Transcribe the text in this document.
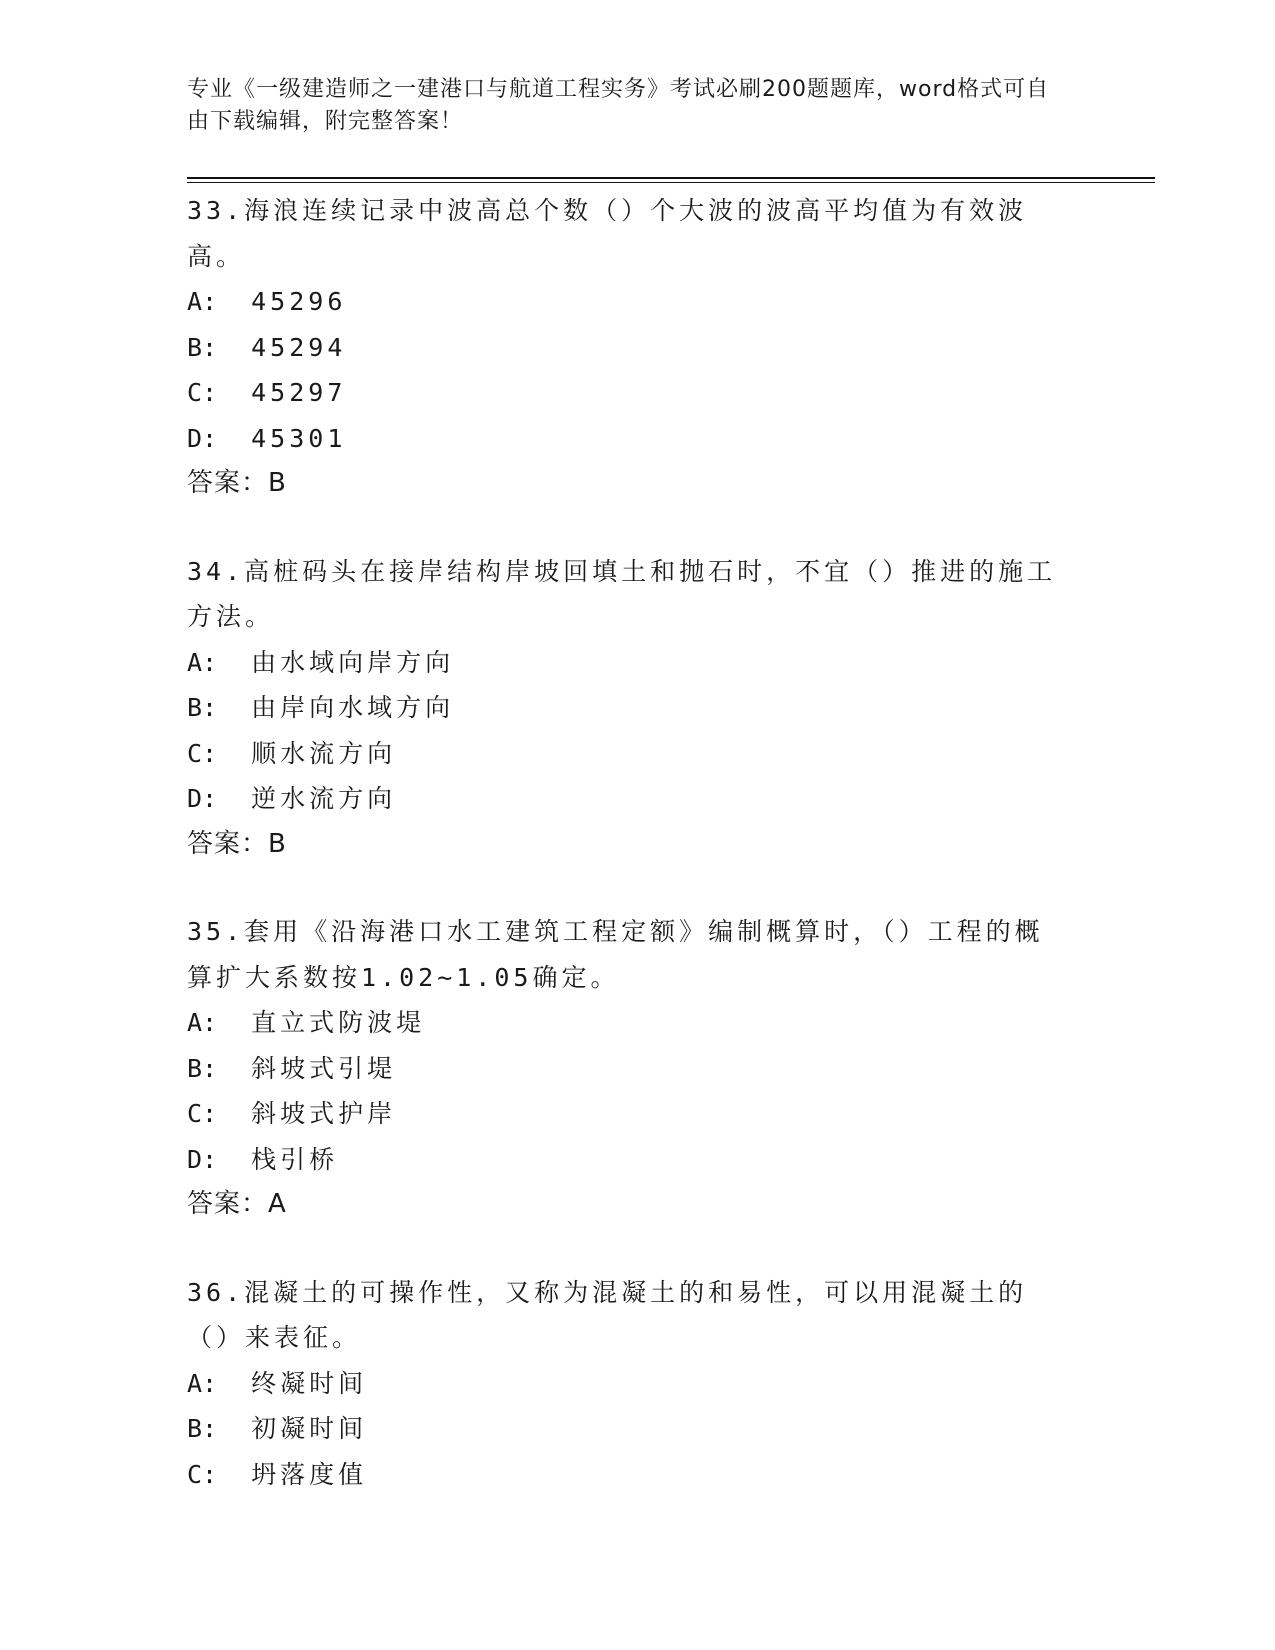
专业《一级建造师之一建港口与航道工程实务》考试必刷200题题库，word格式可自由下载编辑，附完整答案！
33.海浪连续记录中波高总个数（）个大波的波高平均值为有效波高。
A: 45296
B: 45294
C: 45297
D: 45301
答案：B
34.高桩码头在接岸结构岸坡回填土和抛石时，不宜（）推进的施工方法。
A: 由水域向岸方向
B: 由岸向水域方向
C: 顺水流方向
D: 逆水流方向
答案：B
35.套用《沿海港口水工建筑工程定额》编制概算时，（）工程的概算扩大系数按1.02~1.05确定。
A: 直立式防波堤
B: 斜坡式引堤
C: 斜坡式护岸
D: 栈引桥
答案：A
36.混凝土的可操作性，又称为混凝土的和易性，可以用混凝土的（）来表征。
A: 终凝时间
B: 初凝时间
C: 坍落度值
